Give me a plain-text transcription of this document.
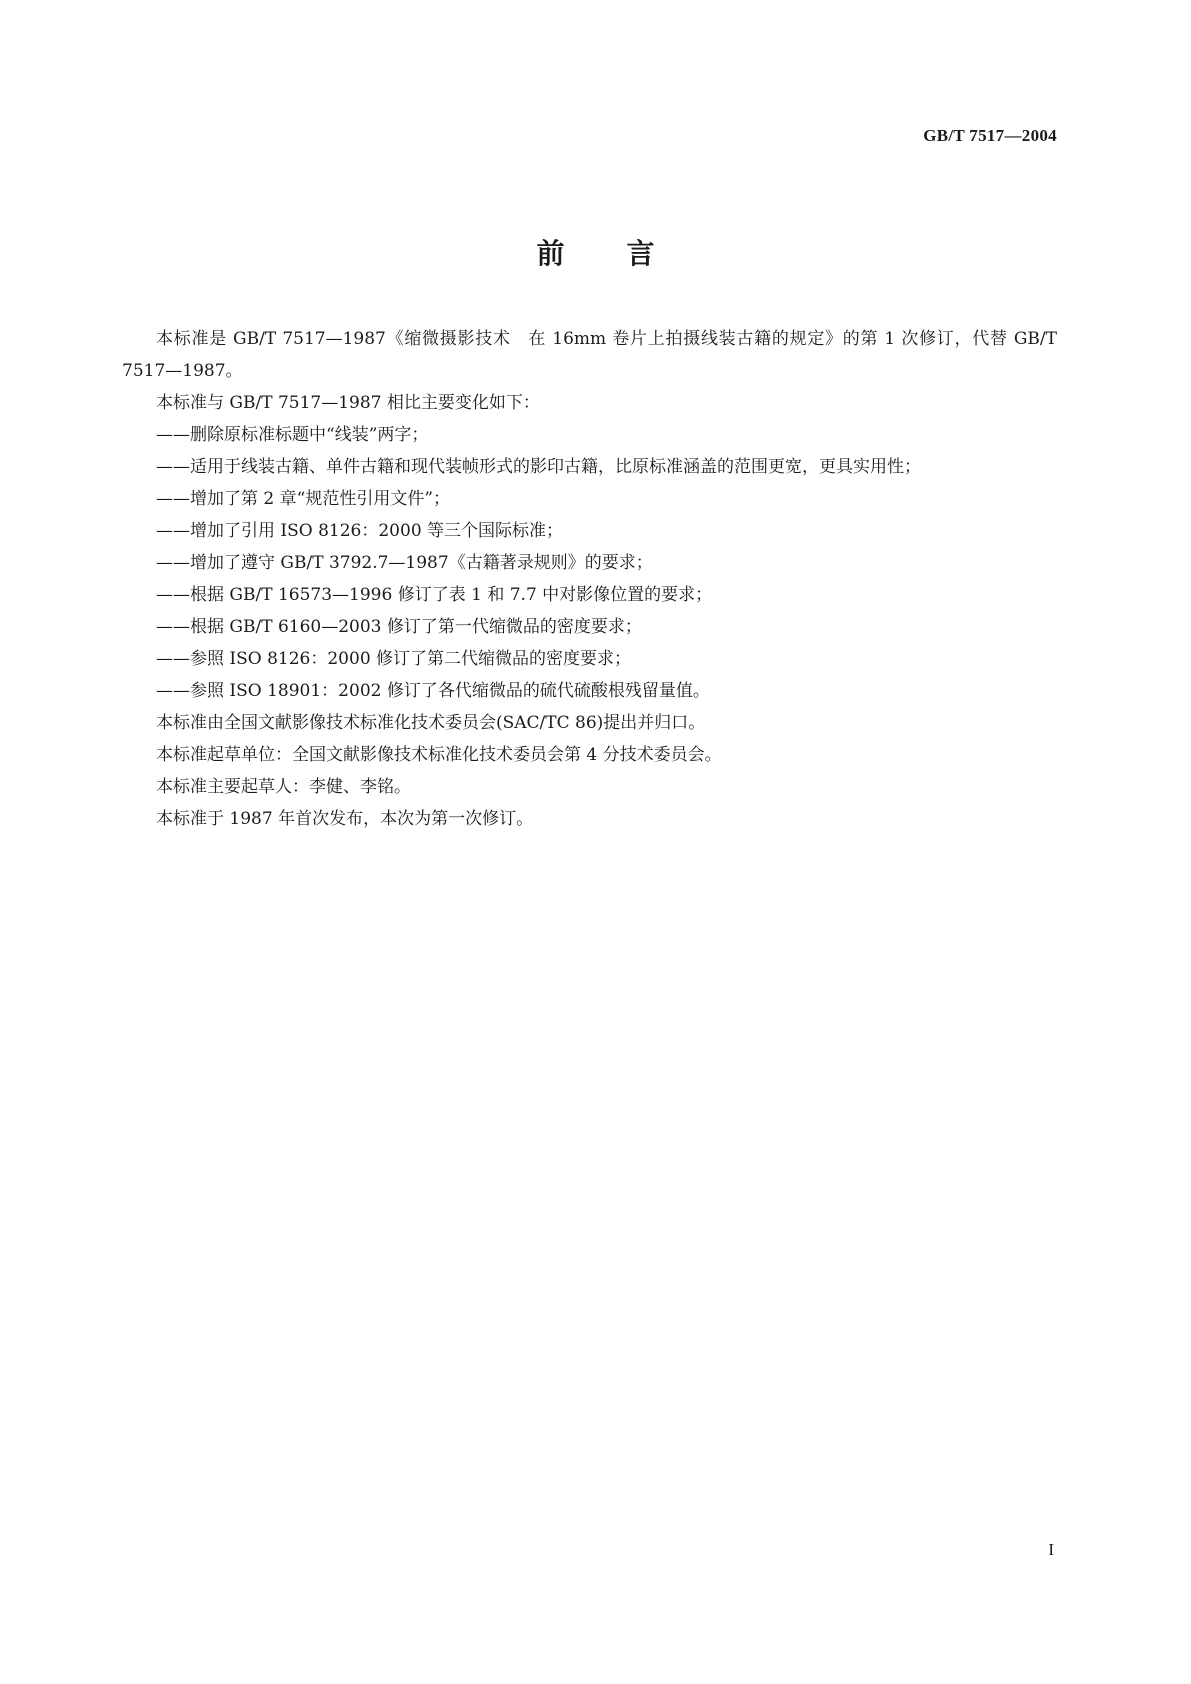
GB/T 7517—2004
前言

本标准是 GB/T 7517—1987《缩微摄影技术　在 16mm 卷片上拍摄线装古籍的规定》的第 1 次修订，代替 GB/T 7517—1987。

本标准与 GB/T 7517—1987 相比主要变化如下：

—— 删除原标准标题中“线装”两字；
—— 适用于线装古籍、单件古籍和现代装帧形式的影印古籍，比原标准涵盖的范围更宽，更具实用性；
—— 增加了第 2 章“规范性引用文件”；
—— 增加了引用 ISO 8126：2000 等三个国际标准；
—— 增加了遵守 GB/T 3792.7—1987《古籍著录规则》的要求；
—— 根据 GB/T 16573—1996 修订了表 1 和 7.7 中对影像位置的要求；
—— 根据 GB/T 6160—2003 修订了第一代缩微品的密度要求；
—— 参照 ISO 8126：2000 修订了第二代缩微品的密度要求；
—— 参照 ISO 18901：2002 修订了各代缩微品的硫代硫酸根残留量值。

本标准由全国文献影像技术标准化技术委员会(SAC/TC 86)提出并归口。

本标准起草单位：全国文献影像技术标准化技术委员会第 4 分技术委员会。

本标准主要起草人：李健、李铭。

本标准于 1987 年首次发布，本次为第一次修订。

I
